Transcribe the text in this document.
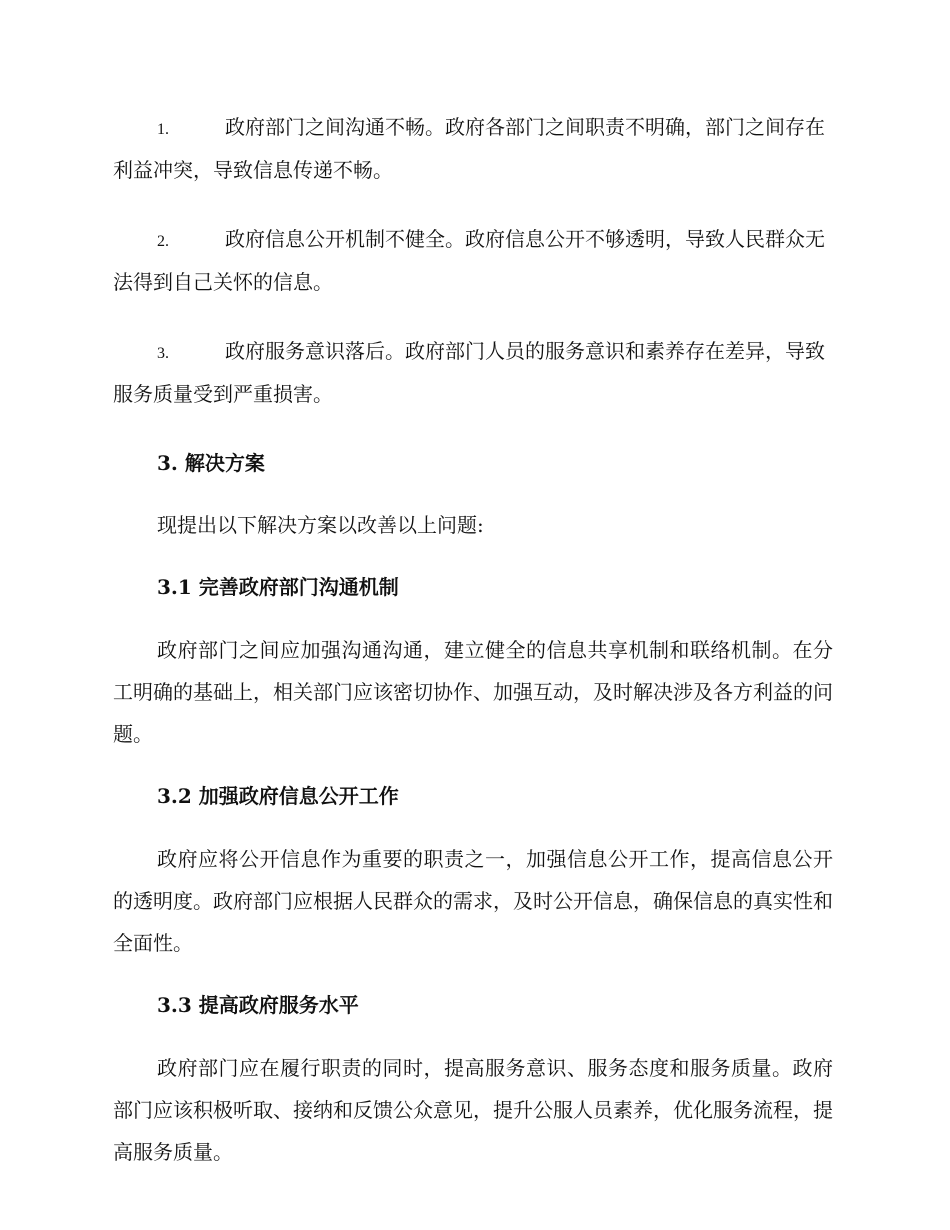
1.	政府部门之间沟通不畅。政府各部门之间职责不明确，部门之间存在利益冲突，导致信息传递不畅。
2.	政府信息公开机制不健全。政府信息公开不够透明，导致人民群众无法得到自己关怀的信息。
3.	政府服务意识落后。政府部门人员的服务意识和素养存在差异，导致服务质量受到严重损害。
3. 解决方案
现提出以下解决方案以改善以上问题:
3.1 完善政府部门沟通机制

政府部门之间应加强沟通沟通，建立健全的信息共享机制和联络机制。在分工明确的基础上，相关部门应该密切协作、加强互动，及时解决涉及各方利益的问题。

3.2 加强政府信息公开工作

政府应将公开信息作为重要的职责之一，加强信息公开工作，提高信息公开的透明度。政府部门应根据人民群众的需求，及时公开信息，确保信息的真实性和全面性。

3.3 提高政府服务水平

政府部门应在履行职责的同时，提高服务意识、服务态度和服务质量。政府部门应该积极听取、接纳和反馈公众意见，提升公服人员素养，优化服务流程，提高服务质量。
